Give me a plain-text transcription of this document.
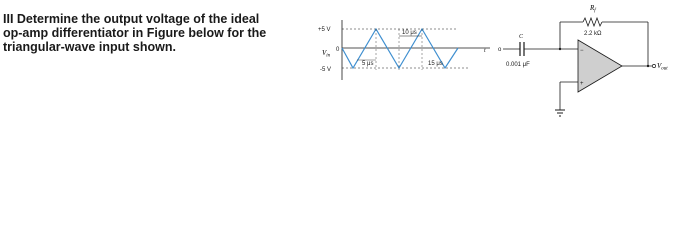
III Determine the output voltage of the ideal
op-amp differentiator in Figure below for the
triangular-wave input shown.

+5 V
0
-5 V
$V_{in}$
t
10 μs
5 μs	15 μs
o
C
0.001 μF
$R_f$
2.2 kΩ
−
+
$V_{out}$
